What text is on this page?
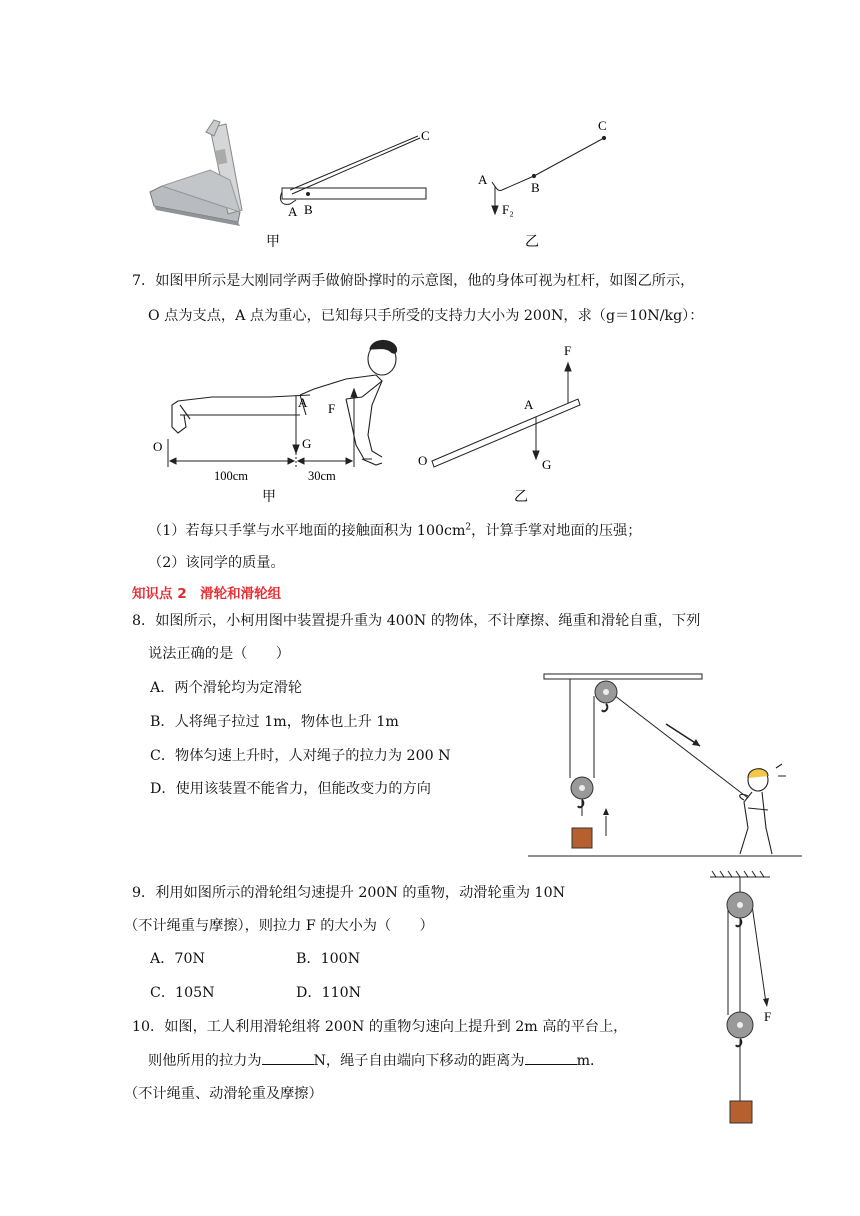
A B
C
甲
A
B
C
F₂
乙
7．如图甲所示是大刚同学两手做俯卧撑时的示意图，他的身体可视为杠杆，如图乙所示，
O 点为支点，A 点为重心，已知每只手所受的支持力大小为 200N，求（g＝10N/kg）：
O
A
G
F
100cm	30cm
甲
O
A
F
G
乙
（1）若每只手掌与水平地面的接触面积为 $100cm^2$，计算手掌对地面的压强；
（2）该同学的质量。
知识点 2　滑轮和滑轮组
8．如图所示，小柯用图中装置提升重为 400N 的物体，不计摩擦、绳重和滑轮自重，下列
说法正确的是（　　）
A．两个滑轮均为定滑轮
B．人将绳子拉过 1m，物体也上升 1m
C．物体匀速上升时，人对绳子的拉力为 200 N
D．使用该装置不能省力，但能改变力的方向
9．利用如图所示的滑轮组匀速提升 200N 的重物，动滑轮重为 10N
（不计绳重与摩擦），则拉力 F 的大小为（　　）
A．70N	B．100N
C．105N	D．110N
F
10．如图，工人利用滑轮组将 200N 的重物匀速向上提升到 2m 高的平台上，
则他所用的拉力为	N，绳子自由端向下移动的距离为	m．
（不计绳重、动滑轮重及摩擦）
